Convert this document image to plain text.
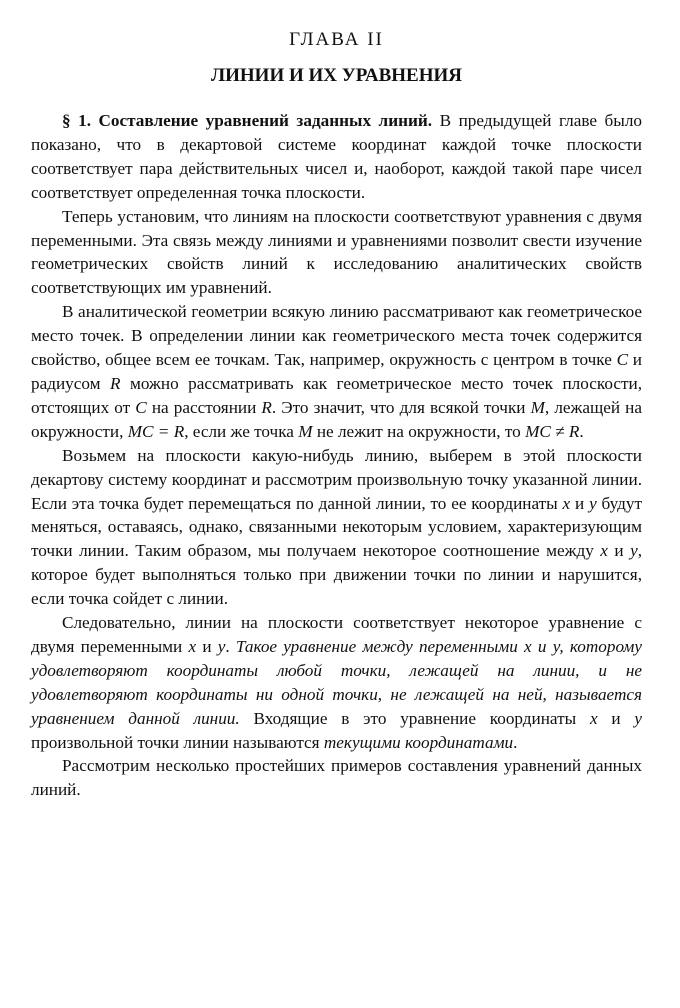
ГЛАВА II
ЛИНИИ И ИХ УРАВНЕНИЯ

§ 1. Составление уравнений заданных линий. В предыдущей главе было показано, что в декартовой системе координат каждой точке плоскости соответствует пара действительных чисел и, наоборот, каждой такой паре чисел соответствует определенная точка плоскости.

Теперь установим, что линиям на плоскости соответствуют уравнения с двумя переменными. Эта связь между линиями и уравнениями позволит свести изучение геометрических свойств линий к исследованию аналитических свойств соответствующих им уравнений.

В аналитической геометрии всякую линию рассматривают как геометрическое место точек. В определении линии как геометрического места точек содержится свойство, общее всем ее точкам. Так, например, окружность с центром в точке C и радиусом R можно рассматривать как геометрическое место точек плоскости, отстоящих от C на расстоянии R. Это значит, что для всякой точки M, лежащей на окружности, MC = R, если же точка M не лежит на окружности, то MC ≠ R.

Возьмем на плоскости какую-нибудь линию, выберем в этой плоскости декартову систему координат и рассмотрим произвольную точку указанной линии. Если эта точка будет перемещаться по данной линии, то ее координаты x и y будут меняться, оставаясь, однако, связанными некоторым условием, характеризующим точки линии. Таким образом, мы получаем некоторое соотношение между x и y, которое будет выполняться только при движении точки по линии и нарушится, если точка сойдет с линии.

Следовательно, линии на плоскости соответствует некоторое уравнение с двумя переменными x и y. Такое уравнение между переменными x и y, которому удовлетворяют координаты любой точки, лежащей на линии, и не удовлетворяют координаты ни одной точки, не лежащей на ней, называется уравнением данной линии. Входящие в это уравнение координаты x и y произвольной точки линии называются текущими координатами.

Рассмотрим несколько простейших примеров составления уравнений данных линий.
